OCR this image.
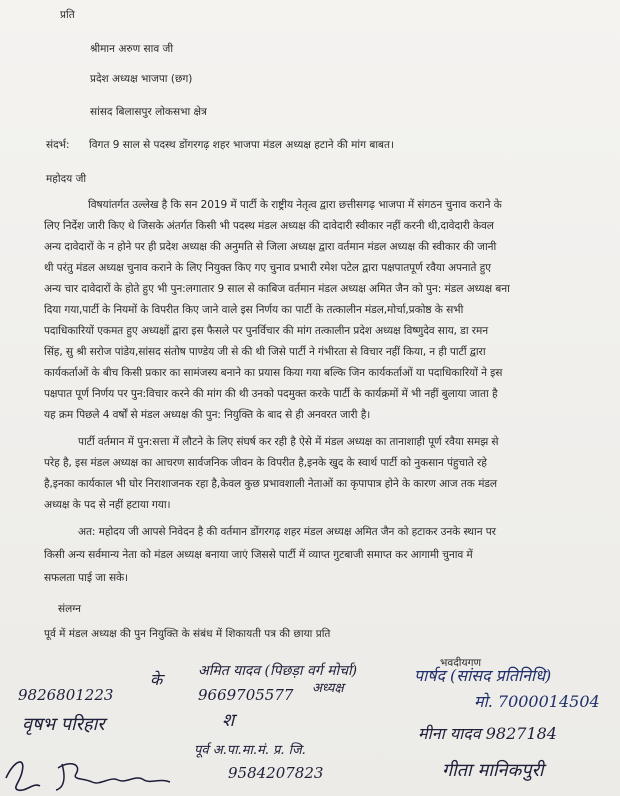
प्रति
श्रीमान अरुण साव जी
प्रदेश अध्यक्ष भाजपा (छग)
सांसद बिलासपुर लोकसभा क्षेत्र
संदर्भ: विगत 9 साल से पदस्थ डोंगरगढ़ शहर भाजपा मंडल अध्यक्ष हटाने की मांग बाबत।
महोदय जी
विषयांतर्गत उल्लेख है कि सन 2019 में पार्टी के राष्ट्रीय नेतृत्व द्वारा छत्तीसगढ़ भाजपा में संगठन चुनाव कराने के
लिए निर्देश जारी किए थे जिसके अंतर्गत किसी भी पदस्थ मंडल अध्यक्ष की दावेदारी स्वीकार नहीं करनी थी,दावेदारी केवल
अन्य दावेदारों के न होने पर ही प्रदेश अध्यक्ष की अनुमति से जिला अध्यक्ष द्वारा वर्तमान मंडल अध्यक्ष की स्वीकार की जानी
थी परंतु मंडल अध्यक्ष चुनाव कराने के लिए नियुक्त किए गए चुनाव प्रभारी रमेश पटेल द्वारा पक्षपातपूर्ण रवैया अपनाते हुए
अन्य चार दावेदारों के होते हुए भी पुन:लगातार 9 साल से काबिज वर्तमान मंडल अध्यक्ष अमित जैन को पुन: मंडल अध्यक्ष बना
दिया गया,पार्टी के नियमों के विपरीत किए जाने वाले इस निर्णय का पार्टी के तत्कालीन मंडल,मोर्चा,प्रकोष्ठ के सभी
पदाधिकारियों एकमत हुए अध्यक्षों द्वारा इस फैसले पर पुनर्विचार की मांग तत्कालीन प्रदेश अध्यक्ष विष्णुदेव साय, डा रमन
सिंह, सु श्री सरोज पांडेय,सांसद संतोष पाण्डेय जी से की थी जिसे पार्टी ने गंभीरता से विचार नहीं किया, न ही पार्टी द्वारा
कार्यकर्ताओं के बीच किसी प्रकार का सामंजस्य बनाने का प्रयास किया गया बल्कि जिन कार्यकर्ताओं या पदाधिकारियों ने इस
पक्षपात पूर्ण निर्णय पर पुन:विचार करने की मांग की थी उनको पदमुक्त करके पार्टी के कार्यक्रमों में भी नहीं बुलाया जाता है
यह क्रम पिछले 4 वर्षों से मंडल अध्यक्ष की पुन: नियुक्ति के बाद से ही अनवरत जारी है।
पार्टी वर्तमान में पुन:सत्ता में लौटने के लिए संघर्ष कर रही है ऐसे में मंडल अध्यक्ष का तानाशाही पूर्ण रवैया समझ से
परेह है, इस मंडल अध्यक्ष का आचरण सार्वजनिक जीवन के विपरीत है,इनके खुद के स्वार्थ पार्टी को नुकसान पंहुचाते रहे
है,इनका कार्यकाल भी घोर निराशाजनक रहा है,केवल कुछ प्रभावशाली नेताओं का कृपापात्र होने के कारण आज तक मंडल
अध्यक्ष के पद से नहीं हटाया गया।
अत: महोदय जी आपसे निवेदन है की वर्तमान डोंगरगढ़ शहर मंडल अध्यक्ष अमित जैन को हटाकर उनके स्थान पर
किसी अन्य सर्वमान्य नेता को मंडल अध्यक्ष बनाया जाएं जिससे पार्टी में व्याप्त गुटबाजी समाप्त कर आगामी चुनाव में
सफलता पाई जा सके।
संलग्न
पूर्व में मंडल अध्यक्ष की पुन नियुक्ति के संबंध में शिकायती पत्र की छाया प्रति
भवदीयगण
9826801223
वृषभ परिहार
के	अमित यादव (पिछड़ा वर्ग मोर्चा)
9669705577 अध्यक्ष
श
पूर्व अ.पा.मा.मं. प्र. जि.
9584207823
पार्षद (सांसद प्रतिनिधि)
मो. 7000014504
मीना यादव 9827184
गीता मानिकपुरी
